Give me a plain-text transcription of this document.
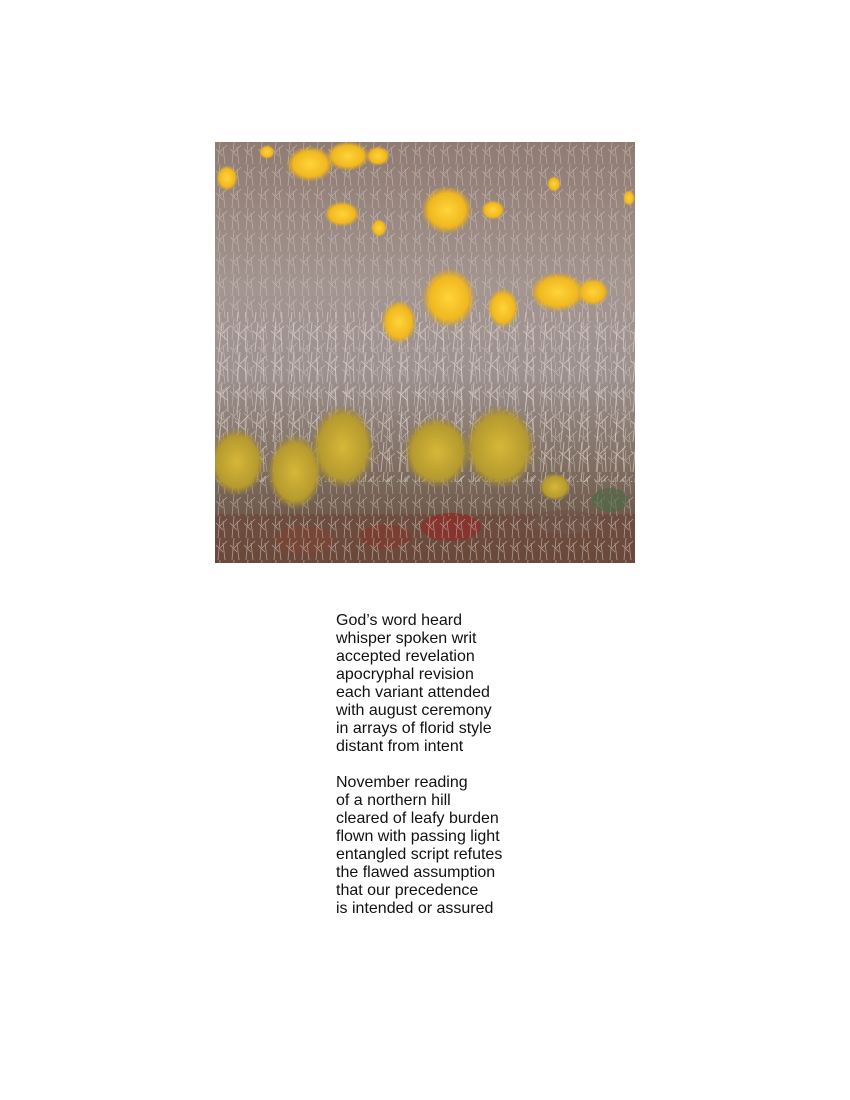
God’s word heard
whisper spoken writ
accepted revelation
apocryphal revision
each variant attended
with august ceremony
in arrays of florid style
distant from intent

November reading
of a northern hill
cleared of leafy burden
flown with passing light
entangled script refutes
the flawed assumption
that our precedence
is intended or assured
